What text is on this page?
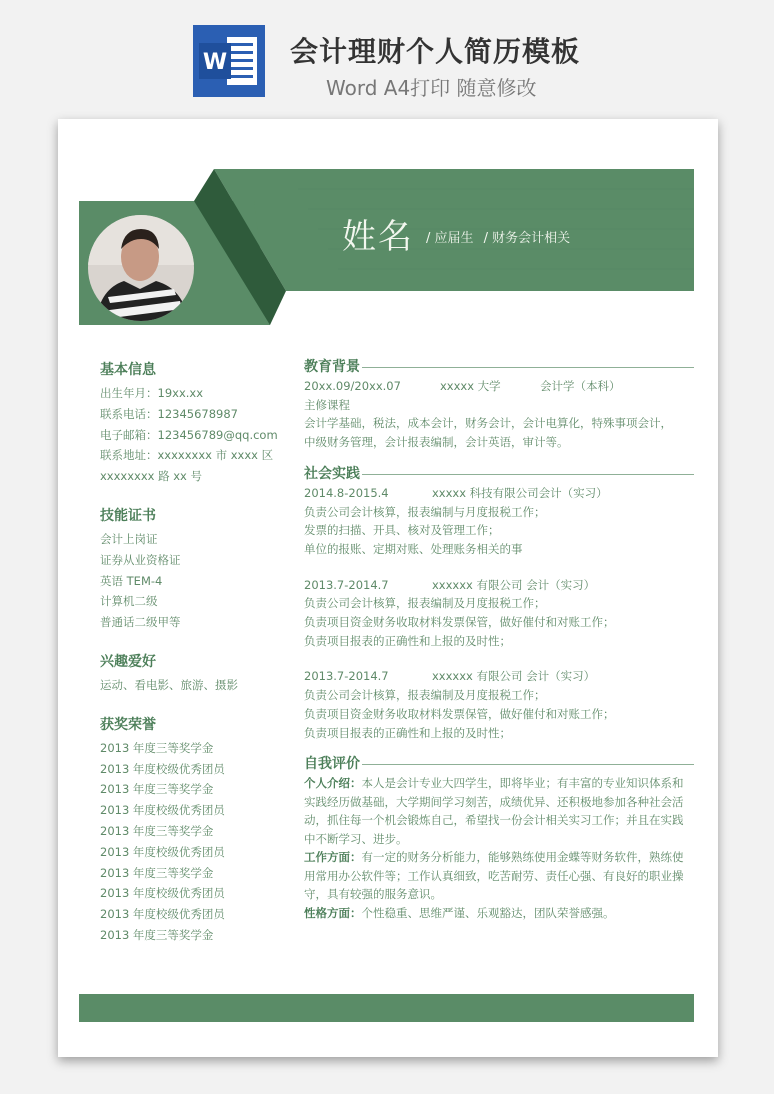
W 会计理财个人简历模板
Word A4打印 随意修改
姓名 / 应届生 / 财务会计相关
基本信息
出生年月：19xx.xx
联系电话：12345678987
电子邮箱：123456789@qq.com
联系地址：xxxxxxxx 市 xxxx 区
xxxxxxxx 路 xx 号
技能证书
会计上岗证
证券从业资格证
英语 TEM-4
计算机二级
普通话二级甲等
兴趣爱好
运动、看电影、旅游、摄影
获奖荣誉
2013 年度三等奖学金
2013 年度校级优秀团员
2013 年度三等奖学金
2013 年度校级优秀团员
2013 年度三等奖学金
2013 年度校级优秀团员
2013 年度三等奖学金
2013 年度校级优秀团员
2013 年度校级优秀团员
2013 年度三等奖学金
教育背景
20xx.09/20xx.07	xxxxx 大学	会计学（本科）
主修课程
会计学基础，税法，成本会计，财务会计，会计电算化，特殊事项会计，
中级财务管理，会计报表编制，会计英语，审计等。
社会实践
2014.8-2015.4	xxxxx 科技有限公司会计（实习）
负责公司会计核算，报表编制与月度报税工作；
发票的扫描、开具、核对及管理工作；
单位的报账、定期对账、处理账务相关的事
2013.7-2014.7	xxxxxx 有限公司 会计（实习）
负责公司会计核算，报表编制及月度报税工作；
负责项目资金财务收取材料发票保管，做好催付和对账工作；
负责项目报表的正确性和上报的及时性；
2013.7-2014.7	xxxxxx 有限公司 会计（实习）
负责公司会计核算，报表编制及月度报税工作；
负责项目资金财务收取材料发票保管，做好催付和对账工作；
负责项目报表的正确性和上报的及时性；
自我评价
个人介绍：本人是会计专业大四学生，即将毕业；有丰富的专业知识体系和实践经历做基础，大学期间学习刻苦，成绩优异、还积极地参加各种社会活动，抓住每一个机会锻炼自己，希望找一份会计相关实习工作；并且在实践中不断学习、进步。
工作方面：有一定的财务分析能力，能够熟练使用金蝶等财务软件，熟练使用常用办公软件等；工作认真细致，吃苦耐劳、责任心强、有良好的职业操守，具有较强的服务意识。
性格方面：个性稳重、思维严谨、乐观豁达，团队荣誉感强。
